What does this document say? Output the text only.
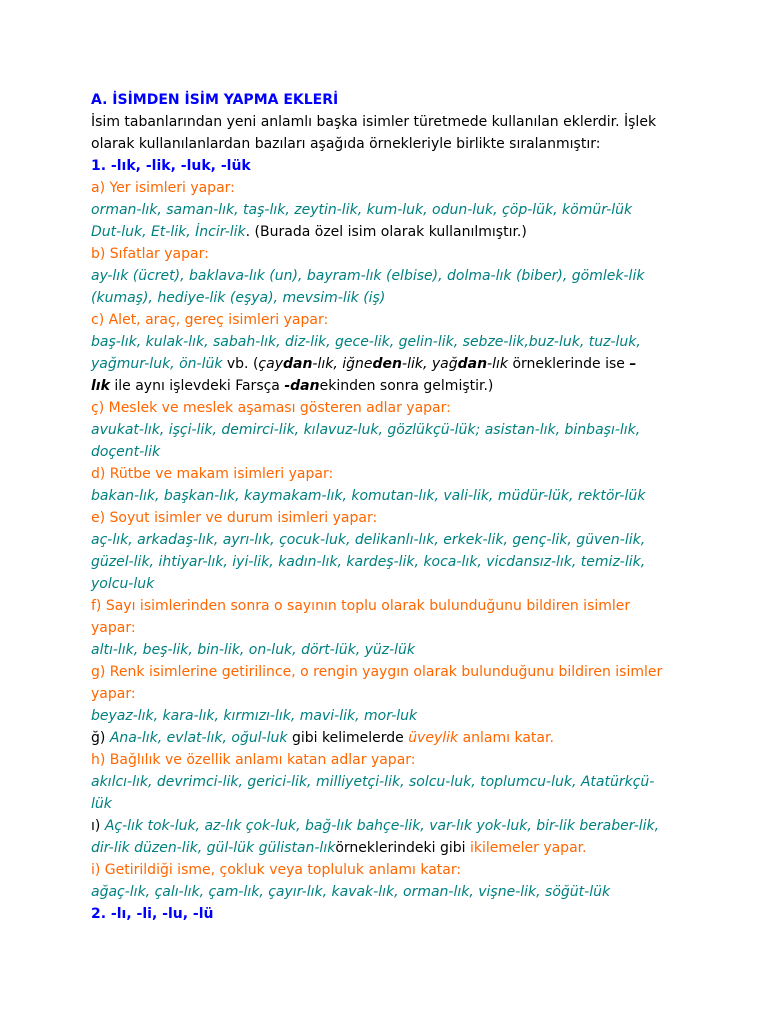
A. İSİMDEN İSİM YAPMA EKLERİ
İsim tabanlarından yeni anlamlı başka isimler türetmede kullanılan eklerdir. İşlek
olarak kullanılanlardan bazıları aşağıda örnekleriyle birlikte sıralanmıştır:
1. -lık, -lik, -luk, -lük
a) Yer isimleri yapar:
orman-lık, saman-lık, taş-lık, zeytin-lik, kum-luk, odun-luk, çöp-lük, kömür-lük
Dut-luk, Et-lik, İncir-lik. (Burada özel isim olarak kullanılmıştır.)
b) Sıfatlar yapar:
ay-lık (ücret), baklava-lık (un), bayram-lık (elbise), dolma-lık (biber), gömlek-lik
(kumaş), hediye-lik (eşya), mevsim-lik (iş)
c) Alet, araç, gereç isimleri yapar:
baş-lık, kulak-lık, sabah-lık, diz-lik, gece-lik, gelin-lik, sebze-lik,buz-luk, tuz-luk,
yağmur-luk, ön-lük vb. (çaydan-lık, iğneden-lik, yağdan-lık örneklerinde ise –
lık ile aynı işlevdeki Farsça -danekinden sonra gelmiştir.)
ç) Meslek ve meslek aşaması gösteren adlar yapar:
avukat-lık, işçi-lik, demirci-lik, kılavuz-luk, gözlükçü-lük; asistan-lık, binbaşı-lık,
doçent-lik
d) Rütbe ve makam isimleri yapar:
bakan-lık, başkan-lık, kaymakam-lık, komutan-lık, vali-lik, müdür-lük, rektör-lük
e) Soyut isimler ve durum isimleri yapar:
aç-lık, arkadaş-lık, ayrı-lık, çocuk-luk, delikanlı-lık, erkek-lik, genç-lik, güven-lik,
güzel-lik, ihtiyar-lık, iyi-lik, kadın-lık, kardeş-lik, koca-lık, vicdansız-lık, temiz-lik,
yolcu-luk
f) Sayı isimlerinden sonra o sayının toplu olarak bulunduğunu bildiren isimler
yapar:
altı-lık, beş-lik, bin-lik, on-luk, dört-lük, yüz-lük
g) Renk isimlerine getirilince, o rengin yaygın olarak bulunduğunu bildiren isimler
yapar:
beyaz-lık, kara-lık, kırmızı-lık, mavi-lik, mor-luk
ğ) Ana-lık, evlat-lık, oğul-luk gibi kelimelerde üveylik anlamı katar.
h) Bağlılık ve özellik anlamı katan adlar yapar:
akılcı-lık, devrimci-lik, gerici-lik, milliyetçi-lik, solcu-luk, toplumcu-luk, Atatürkçü-
lük
ı) Aç-lık tok-luk, az-lık çok-luk, bağ-lık bahçe-lik, var-lık yok-luk, bir-lik beraber-lik,
dir-lik düzen-lik, gül-lük gülistan-lıkörneklerindeki gibi ikilemeler yapar.
i) Getirildiği isme, çokluk veya topluluk anlamı katar:
ağaç-lık, çalı-lık, çam-lık, çayır-lık, kavak-lık, orman-lık, vişne-lik, söğüt-lük
2. -lı, -li, -lu, -lü
